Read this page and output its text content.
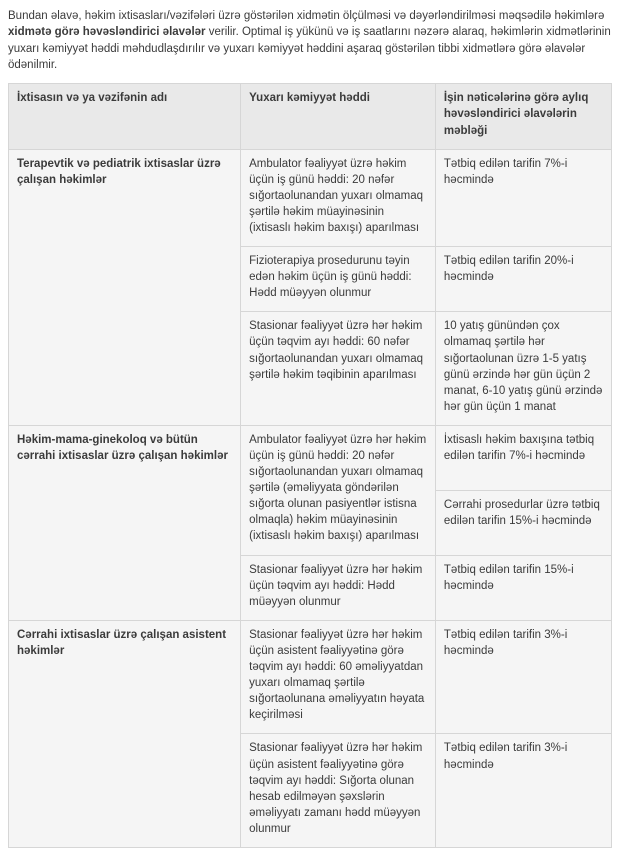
Bundan əlavə, həkim ixtisasları/vəzifələri üzrə göstərilən xidmətin ölçülməsi və dəyərləndirilməsi məqsədilə həkimlərə xidmətə görə həvəsləndirici əlavələr verilir. Optimal iş yükünü və iş saatlarını nəzərə alaraq, həkimlərin xidmətlərinin yuxarı kəmiyyət həddi məhdudlaşdırılır və yuxarı kəmiyyət həddini aşaraq göstərilən tibbi xidmətlərə görə əlavələr ödənilmir.

İxtisasın və ya vəzifənin adı	Yuxarı kəmiyyət həddi	İşin nəticələrinə görə aylıq həvəsləndirici əlavələrin məbləği
Terapevtik və pediatrik ixtisaslar üzrə çalışan həkimlər	Ambulator fəaliyyət üzrə həkim üçün iş günü həddi: 20 nəfər sığortaolunandan yuxarı olmamaq şərtilə həkim müayinəsinin (ixtisaslı həkim baxışı) aparılması	Tətbiq edilən tarifin 7%-i həcmində
	Fizioterapiya prosedurunu təyin edən həkim üçün iş günü həddi: Hədd müəyyən olunmur	Tətbiq edilən tarifin 20%-i həcmində
	Stasionar fəaliyyət üzrə hər həkim üçün təqvim ayı həddi: 60 nəfər sığortaolunandan yuxarı olmamaq şərtilə həkim təqibinin aparılması	10 yatış günündən çox olmamaq şərtilə hər sığortaolunan üzrə 1-5 yatış günü ərzində hər gün üçün 2 manat, 6-10 yatış günü ərzində hər gün üçün 1 manat
Həkim-mama-ginekoloq və bütün cərrahi ixtisaslar üzrə çalışan həkimlər	Ambulator fəaliyyət üzrə hər həkim üçün iş günü həddi: 20 nəfər sığortaolunandan yuxarı olmamaq şərtilə (əməliyyata göndərilən sığorta olunan pasiyentlər istisna olmaqla) həkim müayinəsinin (ixtisaslı həkim baxışı) aparılması	İxtisaslı həkim baxışına tətbiq edilən tarifin 7%-i həcmində
		Cərrahi prosedurlar üzrə tətbiq edilən tarifin 15%-i həcmində
	Stasionar fəaliyyət üzrə hər həkim üçün təqvim ayı həddi: Hədd müəyyən olunmur	Tətbiq edilən tarifin 15%-i həcmində
Cərrahi ixtisaslar üzrə çalışan asistent həkimlər	Stasionar fəaliyyət üzrə hər həkim üçün asistent fəaliyyətinə görə təqvim ayı həddi: 60 əməliyyatdan yuxarı olmamaq şərtilə sığortaolunana əməliyyatın həyata keçirilməsi	Tətbiq edilən tarifin 3%-i həcmində
	Stasionar fəaliyyət üzrə hər həkim üçün asistent fəaliyyətinə görə təqvim ayı həddi: Sığorta olunan hesab edilməyən şəxslərin əməliyyatı zamanı hədd müəyyən olunmur	Tətbiq edilən tarifin 3%-i həcmində
